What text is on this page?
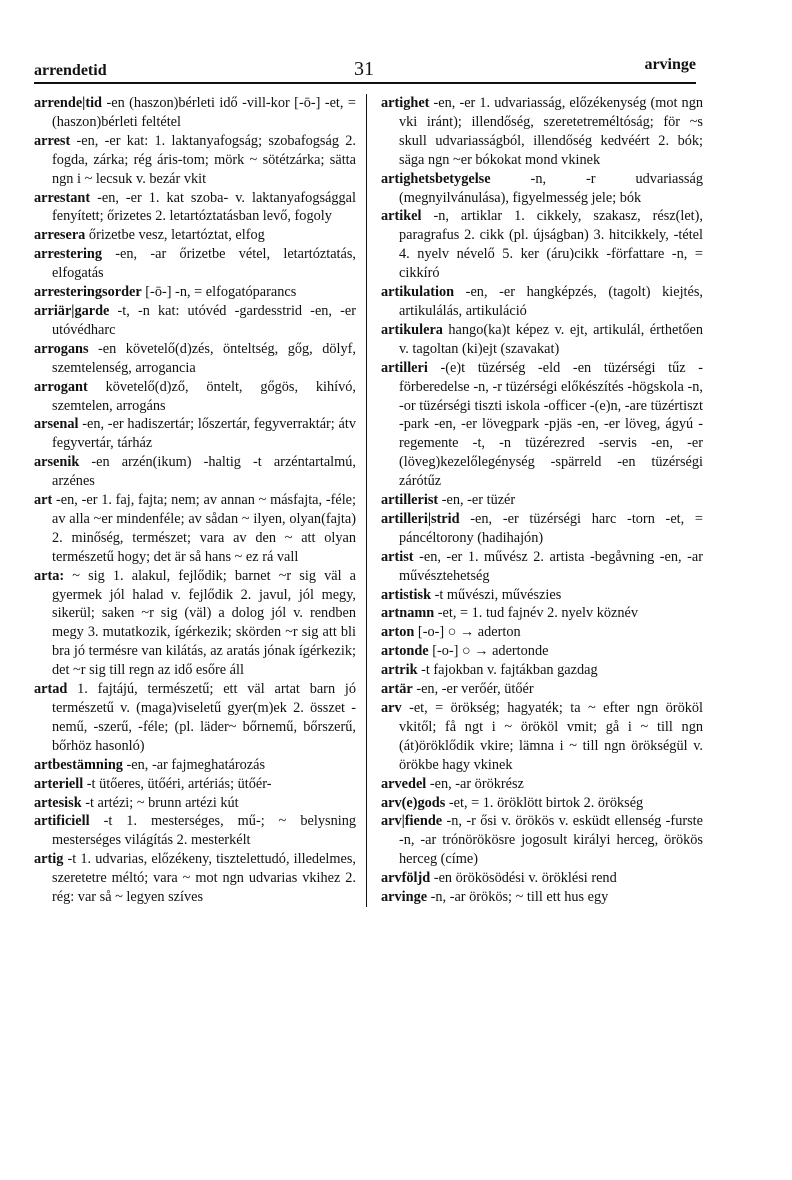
arrendetid	31	arvinge

arrende|tid -en (haszon)bérleti idő -vill-kor [-ō-] -et, = (haszon)bérleti feltétel

arrest -en, -er kat: 1. laktanyafogság; szobafogság 2. fogda, zárka; rég áris-tom; mörk ~ sötétzárka; sätta ngn i ~ lecsuk v. bezár vkit

arrestant -en, -er 1. kat szoba- v. laktanyafogsággal fenyített; őrizetes 2. letartóztatásban levő, fogoly

arresera őrizetbe vesz, letartóztat, elfog

arrestering -en, -ar őrizetbe vétel, letartóztatás, elfogatás

arresteringsorder [-ō-] -n, = elfogatóparancs

arriär|garde -t, -n kat: utóvéd -gardesstrid -en, -er utóvédharc

arrogans -en követelő(d)zés, önteltség, gőg, dölyf, szemtelenség, arrogancia

arrogant követelő(d)ző, öntelt, gőgös, kihívó, szemtelen, arrogáns

arsenal -en, -er hadiszertár; lőszertár, fegyverraktár; átv fegyvertár, tárház

arsenik -en arzén(ikum) -haltig -t arzéntartalmú, arzénes

art -en, -er 1. faj, fajta; nem; av annan ~ másfajta, -féle; av alla ~er mindenféle; av sådan ~ ilyen, olyan(fajta) 2. minőség, természet; vara av den ~ att olyan természetű hogy; det är så hans ~ ez rá vall

arta: ~ sig 1. alakul, fejlődik; barnet ~r sig väl a gyermek jól halad v. fejlődik 2. javul, jól megy, sikerül; saken ~r sig (väl) a dolog jól v. rendben megy 3. mutatkozik, ígérkezik; skörden ~r sig att bli bra jó termésre van kilátás, az aratás jónak ígérkezik; det ~r sig till regn az idő esőre áll

artad 1. fajtájú, természetű; ett väl artat barn jó természetű v. (maga)viseletű gyer(m)ek 2. összet -nemű, -szerű, -féle; (pl. läder~ bőrnemű, bőrszerű, bőrhöz hasonló)

artbestämning -en, -ar fajmeghatározás

arteriell -t ütőeres, ütőéri, artériás; ütőér-

artesisk -t artézi; ~ brunn artézi kút

artificiell -t 1. mesterséges, mű-; ~ belysning mesterséges világítás 2. mesterkélt

artig -t 1. udvarias, előzékeny, tisztelettudó, illedelmes, szeretetre méltó; vara ~ mot ngn udvarias vkihez 2. rég: var så ~ legyen szíves

artighet -en, -er 1. udvariasság, előzékenység (mot ngn vki iránt); illendőség, szeretetreméltóság; för ~s skull udvariasságból, illendőség kedvéért 2. bók; säga ngn ~er bókokat mond vkinek

artighetsbetygelse -n, -r udvariasság (megnyilvánulása), figyelmesség jele; bók

artikel -n, artiklar 1. cikkely, szakasz, rész(let), paragrafus 2. cikk (pl. újságban) 3. hitcikkely, -tétel 4. nyelv névelő 5. ker (áru)cikk -författare -n, = cikkíró

artikulation -en, -er hangképzés, (tagolt) kiejtés, artikulálás, artikuláció

artikulera hango(ka)t képez v. ejt, artikulál, érthetően v. tagoltan (ki)ejt (szavakat)

artilleri -(e)t tüzérség -eld -en tüzérségi tűz -förberedelse -n, -r tüzérségi előkészítés -högskola -n, -or tüzérségi tiszti iskola -officer -(e)n, -are tüzértiszt -park -en, -er lövegpark -pjäs -en, -er löveg, ágyú -regemente -t, -n tüzérezred -servis -en, -er (löveg)kezelőlegénység -spärreld -en tüzérségi zárótűz

artillerist -en, -er tüzér

artilleri|strid -en, -er tüzérségi harc -torn -et, = páncéltorony (hadihajón)

artist -en, -er 1. művész 2. artista -begåvning -en, -ar művésztehetség

artistisk -t művészi, művészies

artnamn -et, = 1. tud fajnév 2. nyelv köznév

arton [-o-] ○ → aderton

artonde [-o-] ○ → adertonde

artrik -t fajokban v. fajtákban gazdag

artär -en, -er verőér, ütőér

arv -et, = örökség; hagyaték; ta ~ efter ngn örököl vkitől; få ngt i ~ örököl vmit; gå i ~ till ngn (át)öröklődik vkire; lämna i ~ till ngn örökségül v. örökbe hagy vkinek

arvedel -en, -ar örökrész

arv(e)gods -et, = 1. öröklött birtok 2. örökség

arv|fiende -n, -r ősi v. örökös v. esküdt ellenség -furste -n, -ar trónörökösre jogosult királyi herceg, örökös herceg (címe)

arvföljd -en örökösödési v. öröklési rend

arvinge -n, -ar örökös; ~ till ett hus egy
